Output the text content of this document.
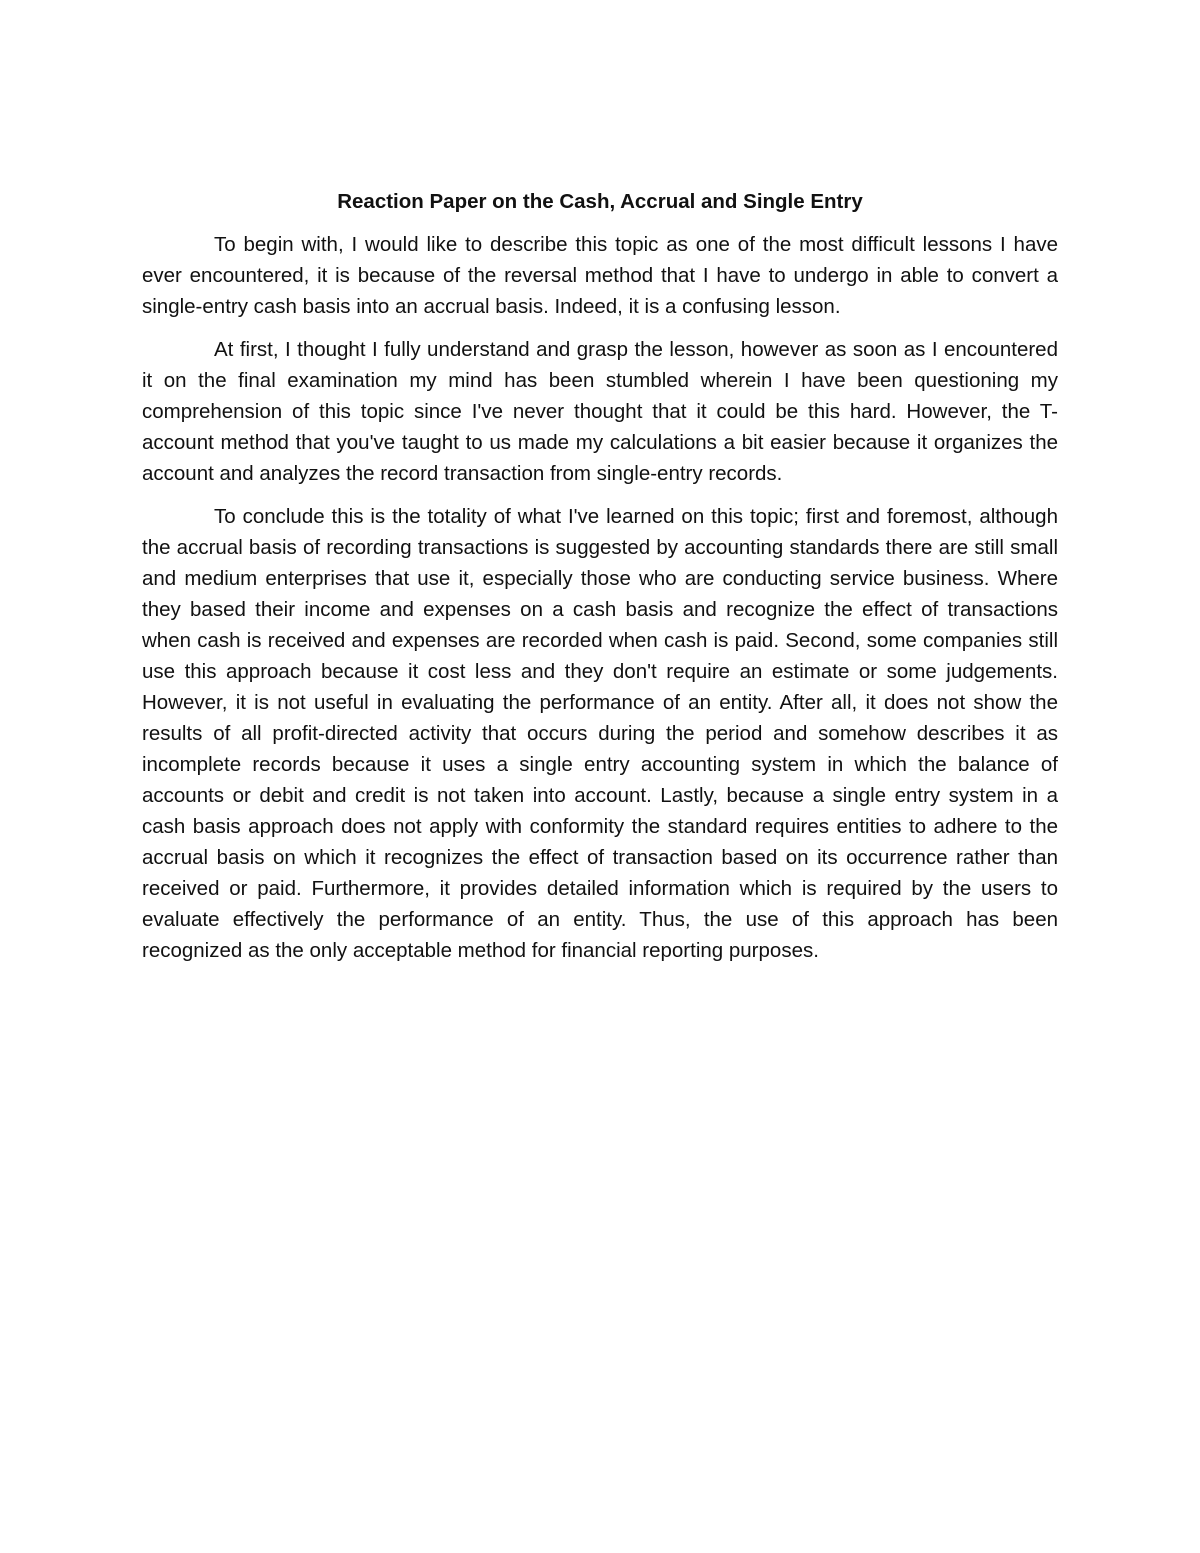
Reaction Paper on the Cash, Accrual and Single Entry

To begin with, I would like to describe this topic as one of the most difficult lessons I have ever encountered, it is because of the reversal method that I have to undergo in able to convert a single-entry cash basis into an accrual basis. Indeed, it is a confusing lesson.

At first, I thought I fully understand and grasp the lesson, however as soon as I encountered it on the final examination my mind has been stumbled wherein I have been questioning my comprehension of this topic since I've never thought that it could be this hard. However, the T-account method that you've taught to us made my calculations a bit easier because it organizes the account and analyzes the record transaction from single-entry records.

To conclude this is the totality of what I've learned on this topic; first and foremost, although the accrual basis of recording transactions is suggested by accounting standards there are still small and medium enterprises that use it, especially those who are conducting service business. Where they based their income and expenses on a cash basis and recognize the effect of transactions when cash is received and expenses are recorded when cash is paid. Second, some companies still use this approach because it cost less and they don't require an estimate or some judgements. However, it is not useful in evaluating the performance of an entity. After all, it does not show the results of all profit-directed activity that occurs during the period and somehow describes it as incomplete records because it uses a single entry accounting system in which the balance of accounts or debit and credit is not taken into account. Lastly, because a single entry system in a cash basis approach does not apply with conformity the standard requires entities to adhere to the accrual basis on which it recognizes the effect of transaction based on its occurrence rather than received or paid. Furthermore, it provides detailed information which is required by the users to evaluate effectively the performance of an entity. Thus, the use of this approach has been recognized as the only acceptable method for financial reporting purposes.
